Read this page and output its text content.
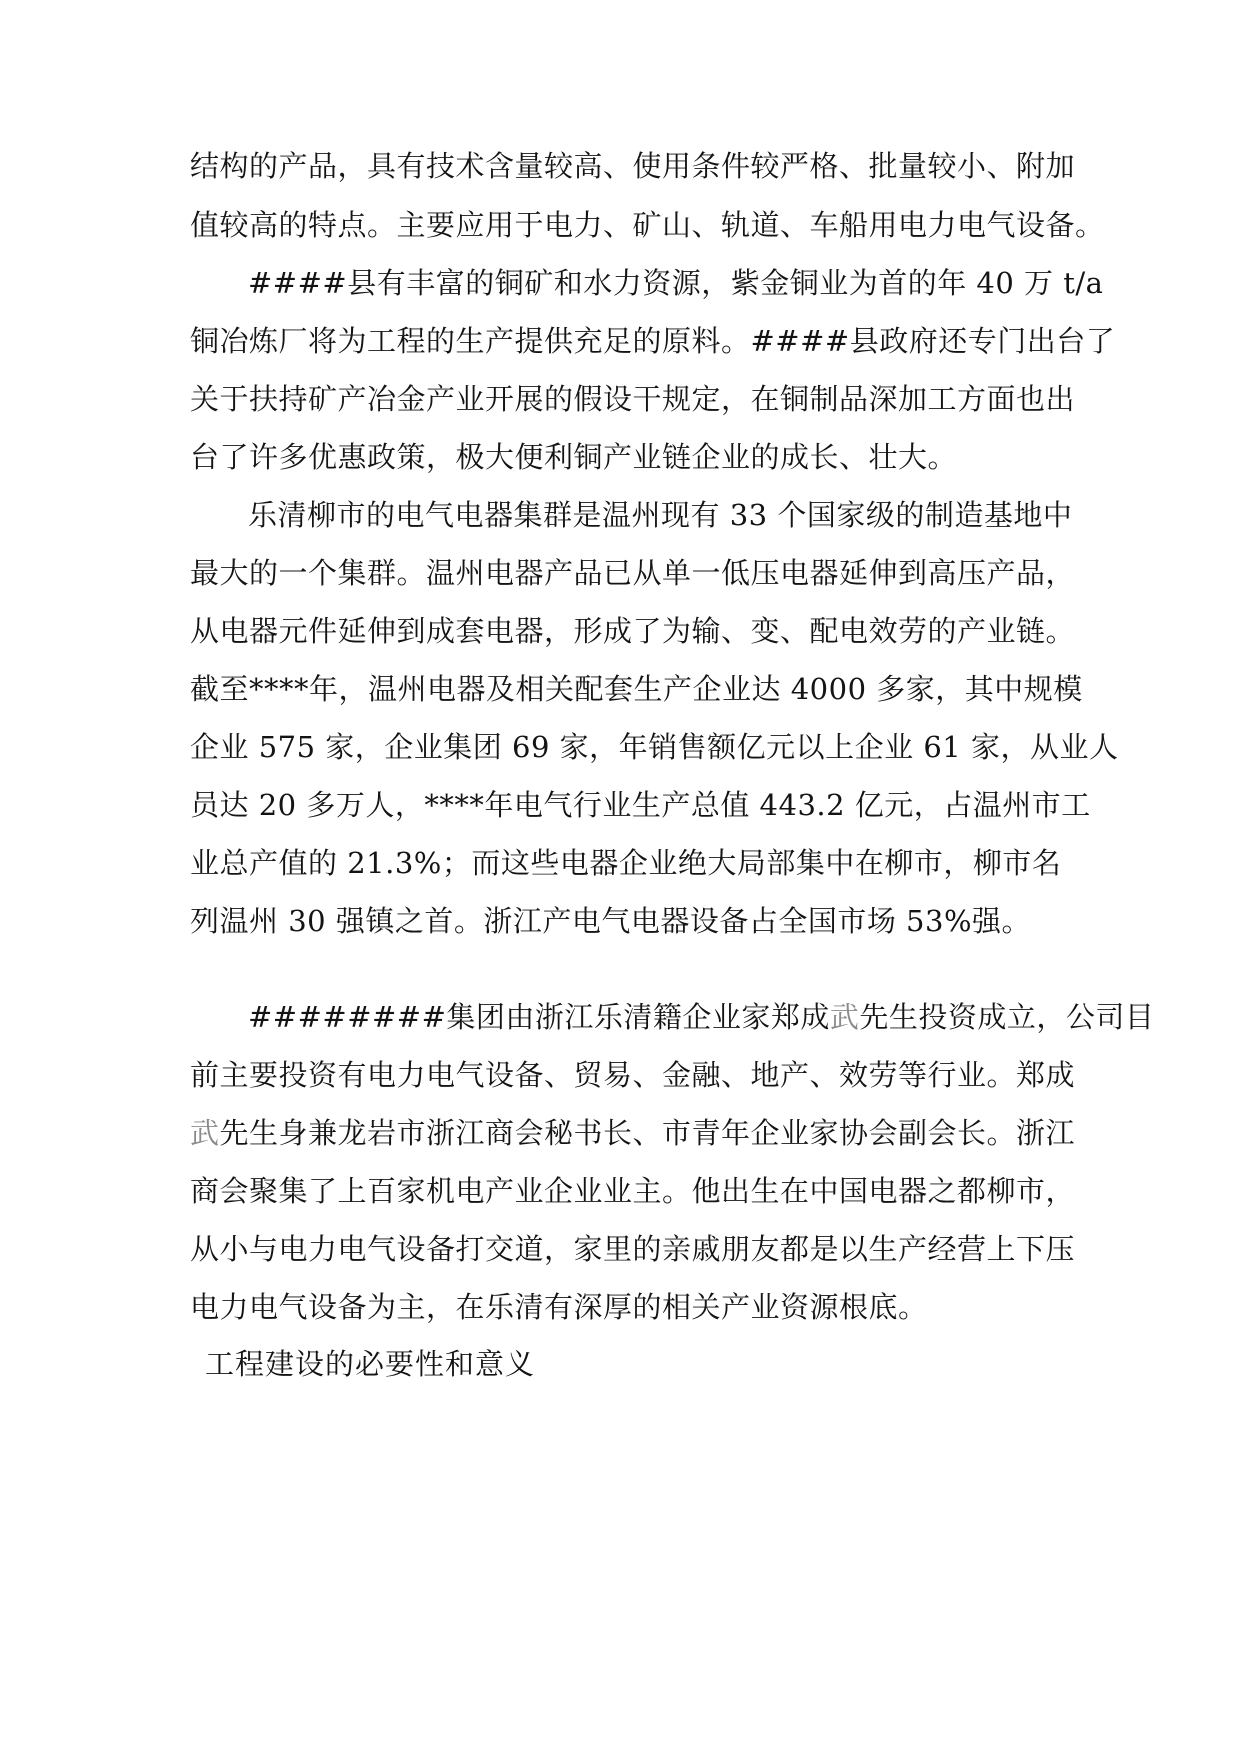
结构的产品，具有技术含量较高、使用条件较严格、批量较小、附加
值较高的特点。主要应用于电力、矿山、轨道、车船用电力电气设备。
####县有丰富的铜矿和水力资源，紫金铜业为首的年 40 万 t/a
铜冶炼厂将为工程的生产提供充足的原料。####县政府还专门出台了
关于扶持矿产冶金产业开展的假设干规定，在铜制品深加工方面也出
台了许多优惠政策，极大便利铜产业链企业的成长、壮大。
乐清柳市的电气电器集群是温州现有 33 个国家级的制造基地中
最大的一个集群。温州电器产品已从单一低压电器延伸到高压产品，
从电器元件延伸到成套电器，形成了为输、变、配电效劳的产业链。
截至****年，温州电器及相关配套生产企业达 4000 多家，其中规模
企业 575 家，企业集团 69 家，年销售额亿元以上企业 61 家，从业人
员达 20 多万人，****年电气行业生产总值 443.2 亿元，占温州市工
业总产值的 21.3%；而这些电器企业绝大局部集中在柳市，柳市名
列温州 30 强镇之首。浙江产电气电器设备占全国市场 53%强。
########集团由浙江乐清籍企业家郑成武先生投资成立，公司目
前主要投资有电力电气设备、贸易、金融、地产、效劳等行业。郑成
武先生身兼龙岩市浙江商会秘书长、市青年企业家协会副会长。浙江
商会聚集了上百家机电产业企业业主。他出生在中国电器之都柳市，
从小与电力电气设备打交道，家里的亲戚朋友都是以生产经营上下压
电力电气设备为主，在乐清有深厚的相关产业资源根底。
工程建设的必要性和意义
